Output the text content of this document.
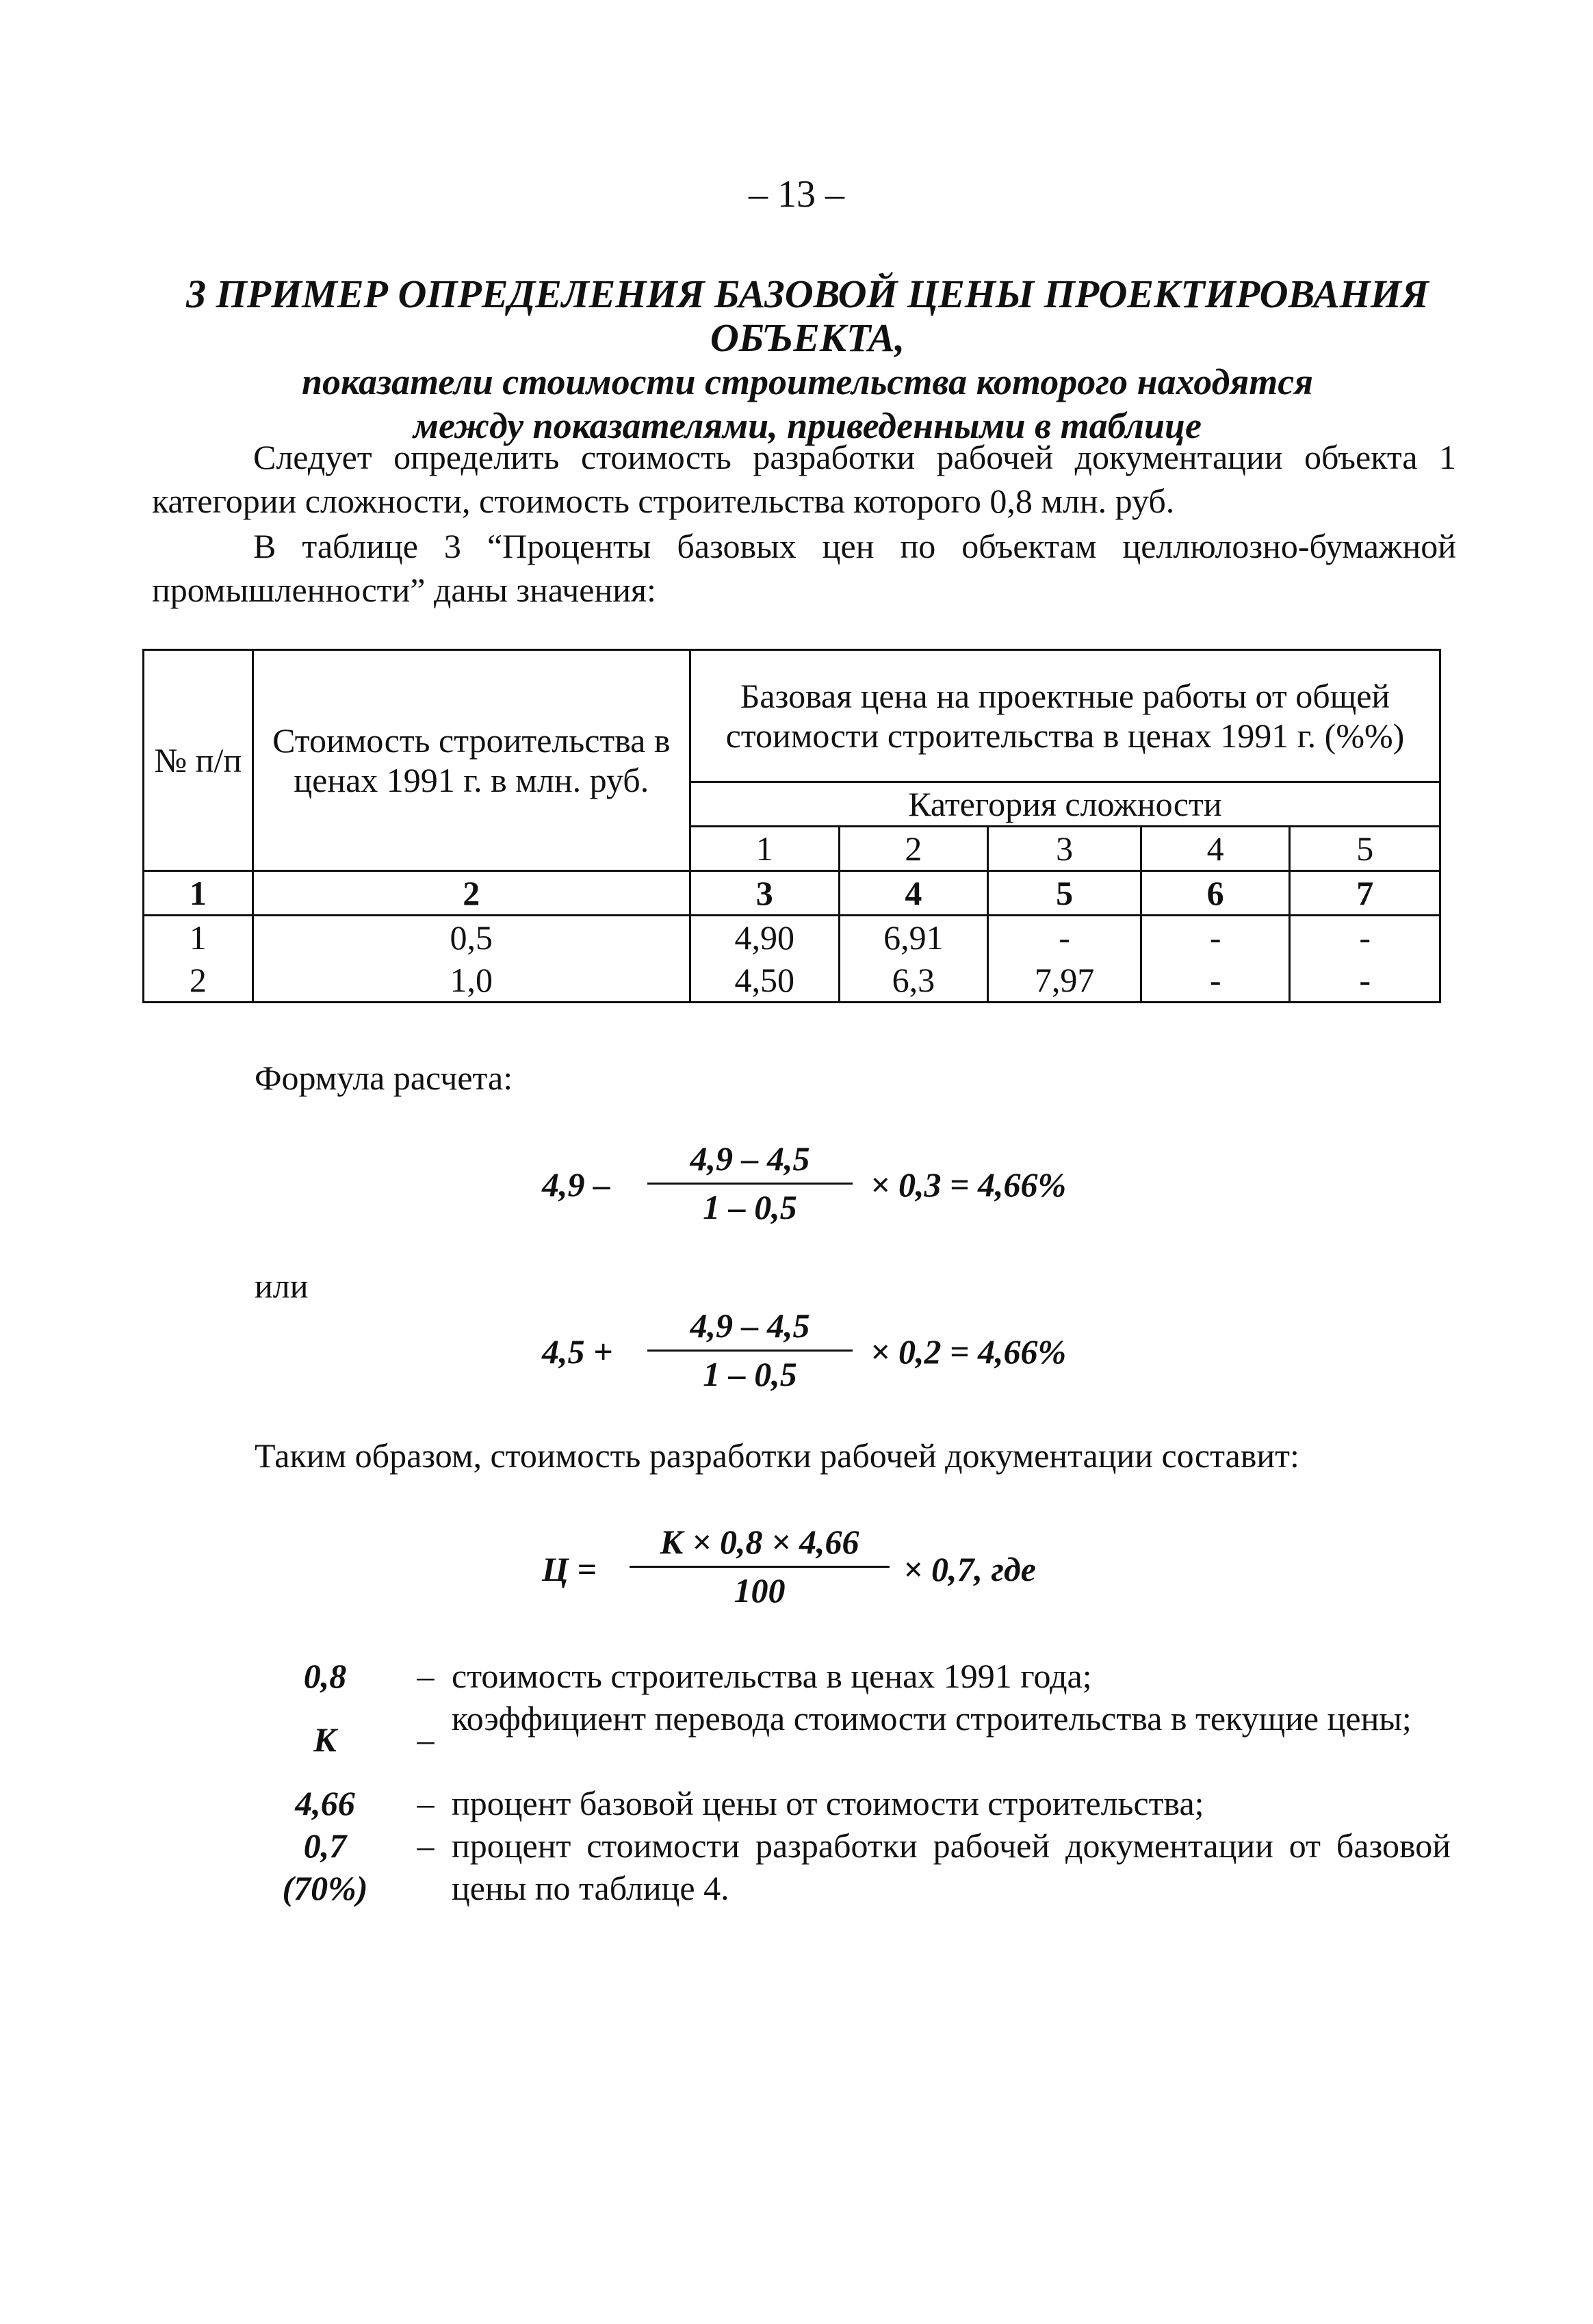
– 13 –
3 ПРИМЕР ОПРЕДЕЛЕНИЯ БАЗОВОЙ ЦЕНЫ ПРОЕКТИРОВАНИЯ ОБЪЕКТА,
показатели стоимости строительства которого находятся
между показателями, приведенными в таблице
Следует определить стоимость разработки рабочей документации объекта 1 категории сложности, стоимость строительства которого 0,8 млн. руб.
В таблице 3 “Проценты базовых цен по объектам целлюлозно-бумажной промышленности” даны значения:
№ п/п	Стоимость строительства в ценах 1991 г. в млн. руб.	Базовая цена на проектные работы от общей стоимости строительства в ценах 1991 г. (%%)				
		Категория сложности				
		1	2	3	4	5
1	2	3	4	5	6	7
1	0,5	4,90	6,91	-	-	-
2	1,0	4,50	6,3	7,97	-	-
Формула расчета:
4,9 –
4,9 – 4,5
1 – 0,5
× 0,3 = 4,66%
или
4,5 +
4,9 – 4,5
1 – 0,5
× 0,2 = 4,66%
Таким образом, стоимость разработки рабочей документации составит:
Ц =
К × 0,8 × 4,66
100
× 0,7, где
0,8	– стоимость строительства в ценах 1991 года;
К	–
коэффициент перевода стоимости строительства в текущие цены;
4,66	– процент базовой цены от стоимости строительства;
0,7 (70%)
– процент стоимости разработки рабочей документации от базовой цены по таблице 4.
